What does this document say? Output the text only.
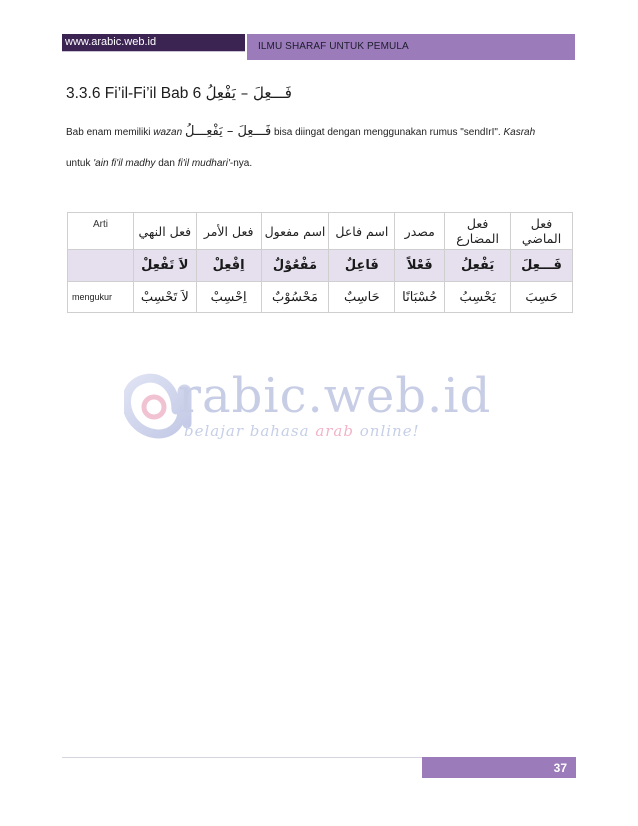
www.arabic.web.id	ILMU SHARAF UNTUK PEMULA
3.3.6 Fi’il-Fi’il Bab 6 فَـــعِلَ – يَفْعِلُ
Bab enam memiliki wazan فَـــعِلَ – يَفْعِـــلُ bisa diingat dengan menggunakan rumus "sendIrI". Kasrah
untuk 'ain fi'il madhy dan fi'il mudhari'-nya.
Arti	فعل النهي	فعل الأمر	اسم مفعول	اسم فاعل	مصدر	فعل المضارع	فعل الماضي
	لاَ تَفْعِلْ	اِفْعِلْ	مَفْعُوْلٌ	فَاعِلٌ	فَعْلاً	يَفْعِلُ	فَـــعِلَ
mengukur	لاَ تَحْسِبْ	اِحْسِبْ	مَحْسُوْبٌ	حَاسِبٌ	حُسْبَانًا	يَحْسِبُ	حَسِبَ
rabic.web.id
belajar bahasa arab online!
37
